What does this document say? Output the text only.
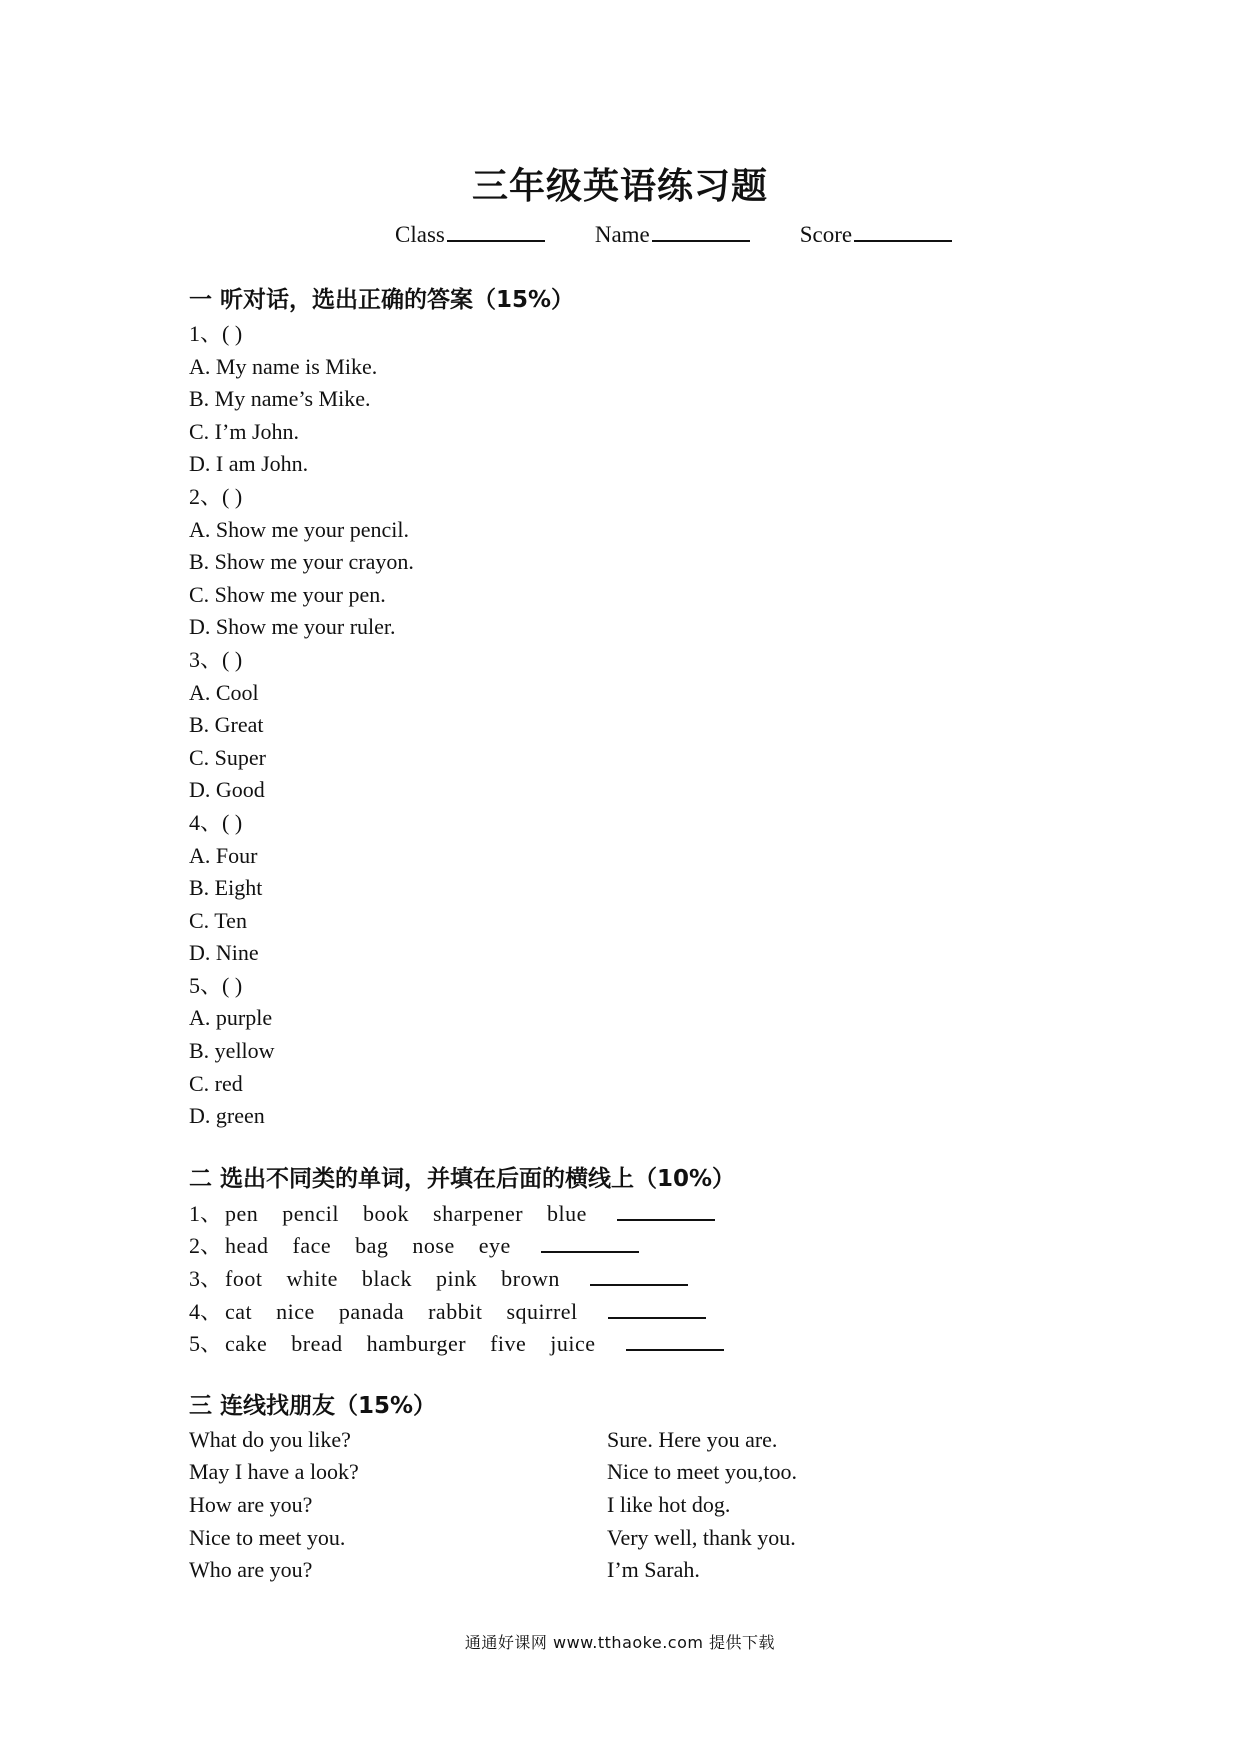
三年级英语练习题
Class	Name	Score
一 听对话，选出正确的答案（15%）
1、( )
A. My name is Mike.
B. My name’s Mike.
C. I’m John.
D. I am John.
2、( )
A. Show me your pencil.
B. Show me your crayon.
C. Show me your pen.
D. Show me your ruler.
3、( )
A. Cool
B. Great
C. Super
D. Good
4、( )
A. Four
B. Eight
C. Ten
D. Nine
5、( )
A. purple
B. yellow
C. red
D. green
二 选出不同类的单词，并填在后面的横线上（10%）
1、 pen pencil book sharpener blue
2、 head face bag nose eye
3、 foot white black pink brown
4、 cat nice panada rabbit squirrel
5、 cake bread hamburger five juice
三 连线找朋友（15%）
What do you like?	Sure. Here you are.
May I have a look?	Nice to meet you,too.
How are you?	I like hot dog.
Nice to meet you.	Very well, thank you.
Who are you?	I’m Sarah.
通通好课网 www.tthaoke.com 提供下载
